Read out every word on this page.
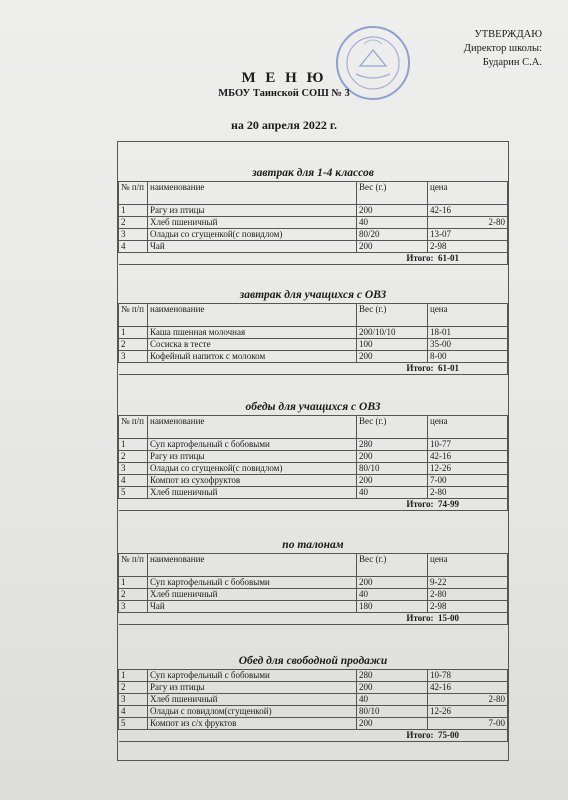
УТВЕРЖДАЮ
Директор школы:
Бударин С.А.
М Е Н Ю
МБОУ Таинской СОШ № 3
на 20 апреля 2022 г.
завтрак для 1-4 классов
№ п/п	наименование	Вес (г.)	цена
1	Рагу из птицы	200	42-16
2	Хлеб пшеничный	40	2-80
3	Оладьи со сгущенкой(с повидлом)	80/20	13-07
4	Чай	200	2-98
Итого: 61-01			
завтрак для учащихся с ОВЗ
№ п/п	наименование	Вес (г.)	цена
1	Каша пшенная молочная	200/10/10	18-01
2	Сосиска в тесте	100	35-00
3	Кофейный напиток с молоком	200	8-00
Итого: 61-01			
обеды для учащихся с ОВЗ
№ п/п	наименование	Вес (г.)	цена
1	Суп картофельный с бобовыми	280	10-77
2	Рагу из птицы	200	42-16
3	Оладьи со сгущенкой(с повидлом)	80/10	12-26
4	Компот из сухофруктов	200	7-00
5	Хлеб пшеничный	40	2-80
Итого: 74-99			
по талонам
№ п/п	наименование	Вес (г.)	цена
1	Суп картофельный с бобовыми	200	9-22
2	Хлеб пшеничный	40	2-80
3	Чай	180	2-98
Итого: 15-00			
Обед для свободной продажи
1	Суп картофельный с бобовыми	280	10-78
2	Рагу из птицы	200	42-16
3	Хлеб пшеничный	40	2-80
4	Оладьи с повидлом(сгущенкой)	80/10	12-26
5	Компот из с/х фруктов	200	7-00
Итого: 75-00			
